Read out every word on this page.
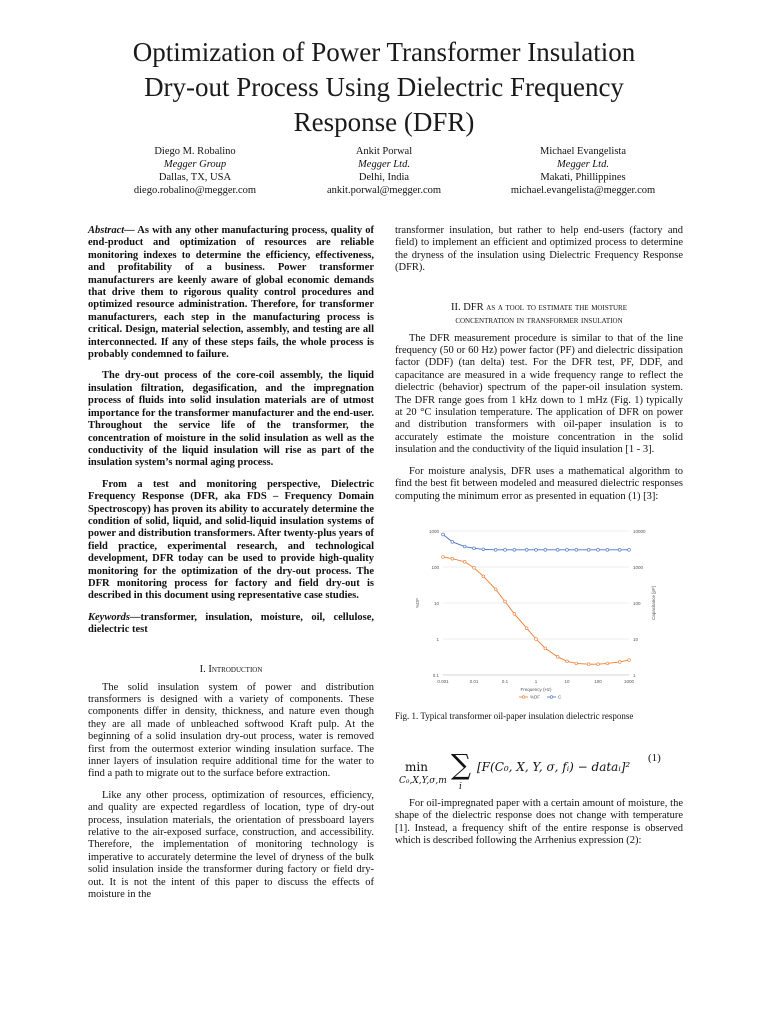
Optimization of Power Transformer Insulation
Dry-out Process Using Dielectric Frequency
Response (DFR)
Diego M. Robalino
Megger Group
Dallas, TX, USA
diego.robalino@megger.com
Ankit Porwal
Megger Ltd.
Delhi, India
ankit.porwal@megger.com
Michael Evangelista
Megger Ltd.
Makati, Phillippines
michael.evangelista@megger.com

Abstract— As with any other manufacturing process, quality of end-product and optimization of resources are reliable monitoring indexes to determine the efficiency, effectiveness, and profitability of a business. Power transformer manufacturers are keenly aware of global economic demands that drive them to rigorous quality control procedures and optimized resource administration. Therefore, for transformer manufacturers, each step in the manufacturing process is critical. Design, material selection, assembly, and testing are all interconnected. If any of these steps fails, the whole process is probably condemned to failure.

The dry-out process of the core-coil assembly, the liquid insulation filtration, degasification, and the impregnation process of fluids into solid insulation materials are of utmost importance for the transformer manufacturer and the end-user. Throughout the service life of the transformer, the concentration of moisture in the solid insulation as well as the conductivity of the liquid insulation will rise as part of the insulation system’s normal aging process.

From a test and monitoring perspective, Dielectric Frequency Response (DFR, aka FDS – Frequency Domain Spectroscopy) has proven its ability to accurately determine the condition of solid, liquid, and solid-liquid insulation systems of power and distribution transformers. After twenty-plus years of field practice, experimental research, and technological development, DFR today can be used to provide high-quality monitoring for the optimization of the dry-out process. The DFR monitoring process for factory and field dry-out is described in this document using representative case studies.

Keywords—transformer, insulation, moisture, oil, cellulose, dielectric test

I. Introduction

The solid insulation system of power and distribution transformers is designed with a variety of components. These components differ in density, thickness, and nature even though they are all made of unbleached softwood Kraft pulp. At the beginning of a solid insulation dry-out process, water is removed first from the outermost exterior winding insulation surface. The inner layers of insulation require additional time for the water to find a path to migrate out to the surface before extraction.

Like any other process, optimization of resources, efficiency, and quality are expected regardless of location, type of dry-out process, insulation materials, the orientation of pressboard layers relative to the air-exposed surface, construction, and accessibility. Therefore, the implementation of monitoring technology is imperative to accurately determine the level of dryness of the bulk solid insulation inside the transformer during factory or field dry-out. It is not the intent of this paper to discuss the effects of moisture in the

transformer insulation, but rather to help end-users (factory and field) to implement an efficient and optimized process to determine the dryness of the insulation using Dielectric Frequency Response (DFR).

II. DFR as a tool to estimate the moisture

concentration in transformer insulation

The DFR measurement procedure is similar to that of the line frequency (50 or 60 Hz) power factor (PF) and dielectric dissipation factor (DDF) (tan delta) test. For the DFR test, PF, DDF, and capacitance are measured in a wide frequency range to reflect the dielectric (behavior) spectrum of the paper-oil insulation system. The DFR range goes from 1 kHz down to 1 mHz (Fig. 1) typically at 20 °C insulation temperature. The application of DFR on power and distribution transformers with oil-paper insulation is to accurately estimate the moisture concentration in the solid insulation and the conductivity of the liquid insulation [1 - 3].

For moisture analysis, DFR uses a mathematical algorithm to find the best fit between modeled and measured dielectric responses computing the minimum error as presented in equation (1) [3]:

0.1
1
10
100
1000
1
10
100
1000
10000
0.001	0.01	0.1	1	10	100	1000
Frequency (Hz)
%DF	Capacitance [pF]
%DF	C
Fig. 1. Typical transformer oil-paper insulation dielectric response
min
C₀,X,Y,σ,m ∑
i
[F(C₀, X, Y, σ, fᵢ) − dataᵢ]²
(1)

For oil-impregnated paper with a certain amount of moisture, the shape of the dielectric response does not change with temperature [1]. Instead, a frequency shift of the entire response is observed which is described following the Arrhenius expression (2):
